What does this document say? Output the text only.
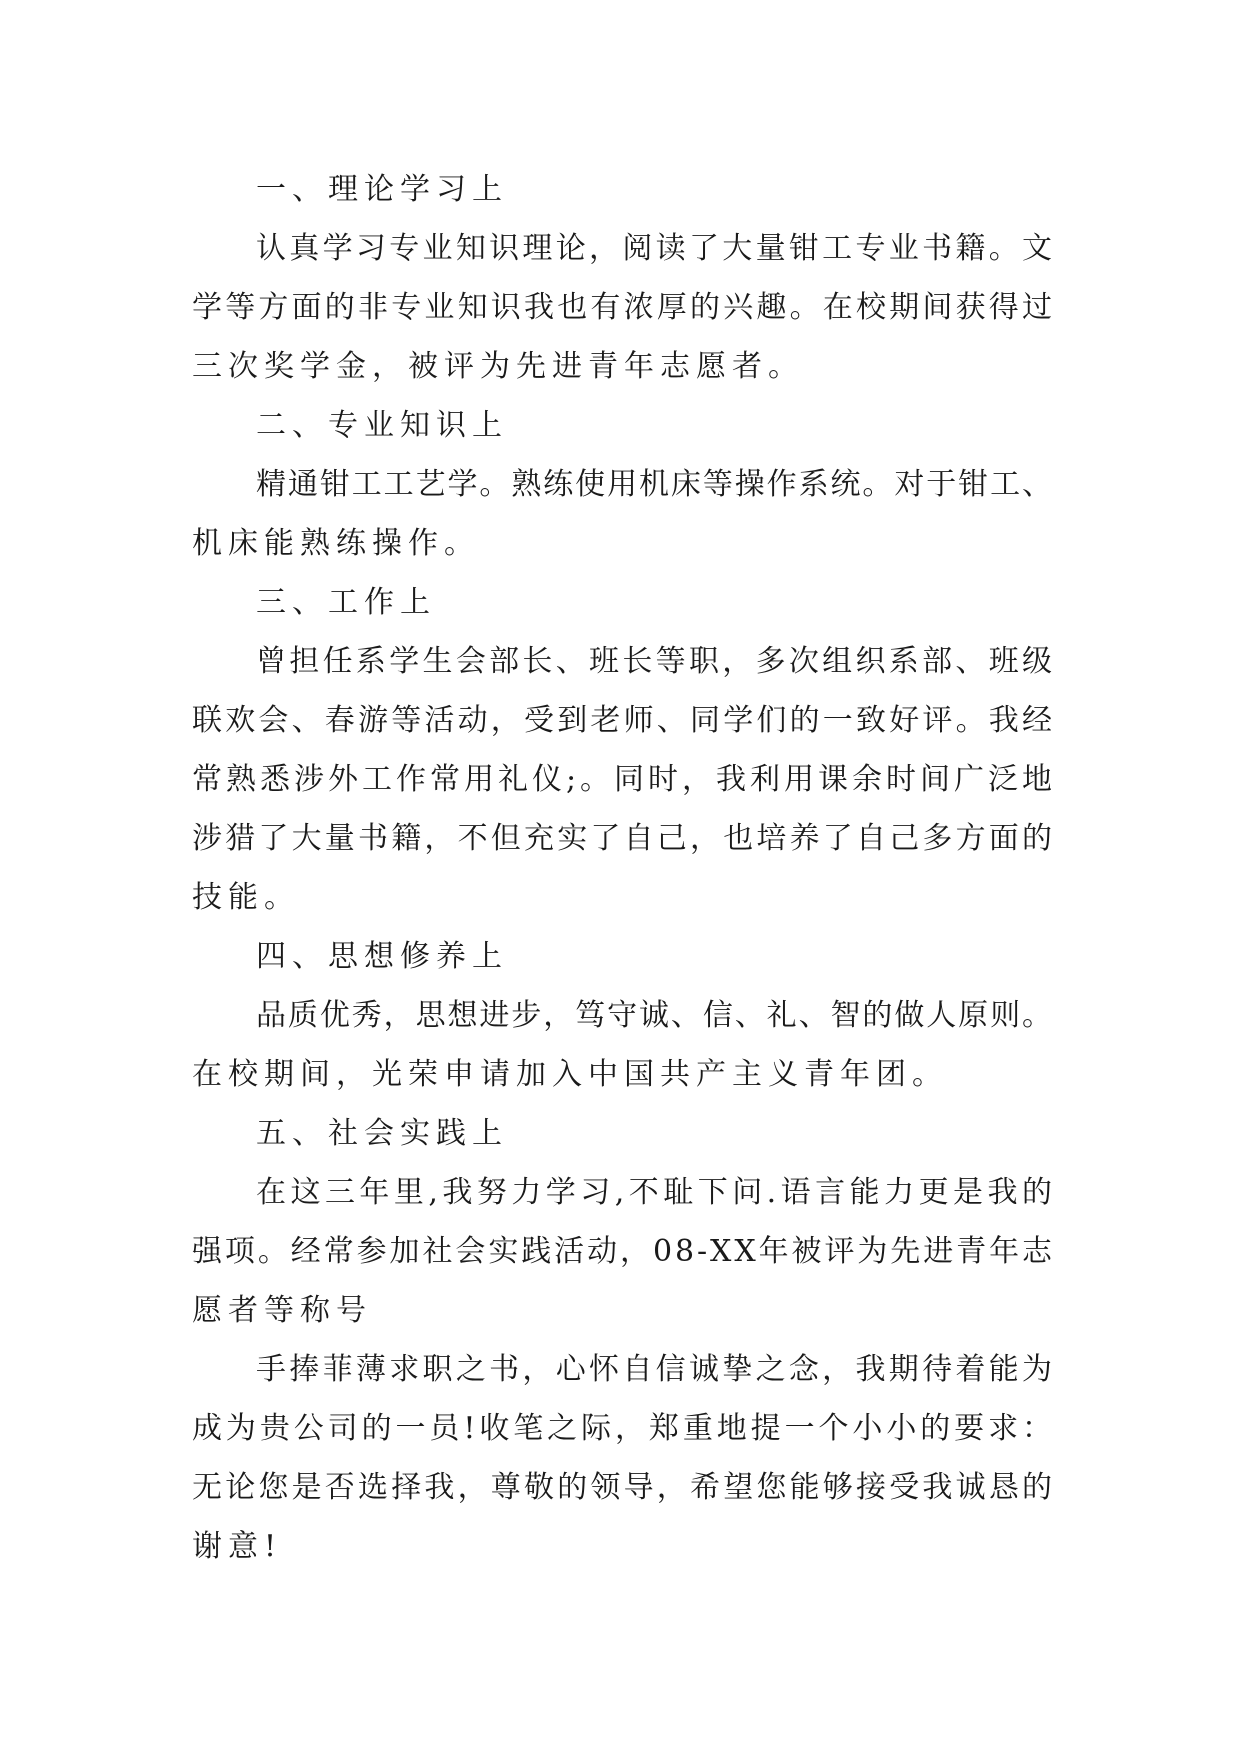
一、理论学习上
认真学习专业知识理论，阅读了大量钳工专业书籍。文
学等方面的非专业知识我也有浓厚的兴趣。在校期间获得过
三次奖学金，被评为先进青年志愿者。
二、专业知识上
精通钳工工艺学。熟练使用机床等操作系统。对于钳工、
机床能熟练操作。
三、工作上
曾担任系学生会部长、班长等职，多次组织系部、班级
联欢会、春游等活动，受到老师、同学们的一致好评。我经
常熟悉涉外工作常用礼仪;。同时，我利用课余时间广泛地
涉猎了大量书籍，不但充实了自己，也培养了自己多方面的
技能。
四、思想修养上
品质优秀，思想进步，笃守诚、信、礼、智的做人原则。
在校期间，光荣申请加入中国共产主义青年团。
五、社会实践上
在这三年里,我努力学习,不耻下问.语言能力更是我的
强项。经常参加社会实践活动，08-XX年被评为先进青年志
愿者等称号
手捧菲薄求职之书，心怀自信诚挚之念，我期待着能为
成为贵公司的一员!收笔之际，郑重地提一个小小的要求：
无论您是否选择我，尊敬的领导，希望您能够接受我诚恳的
谢意!
